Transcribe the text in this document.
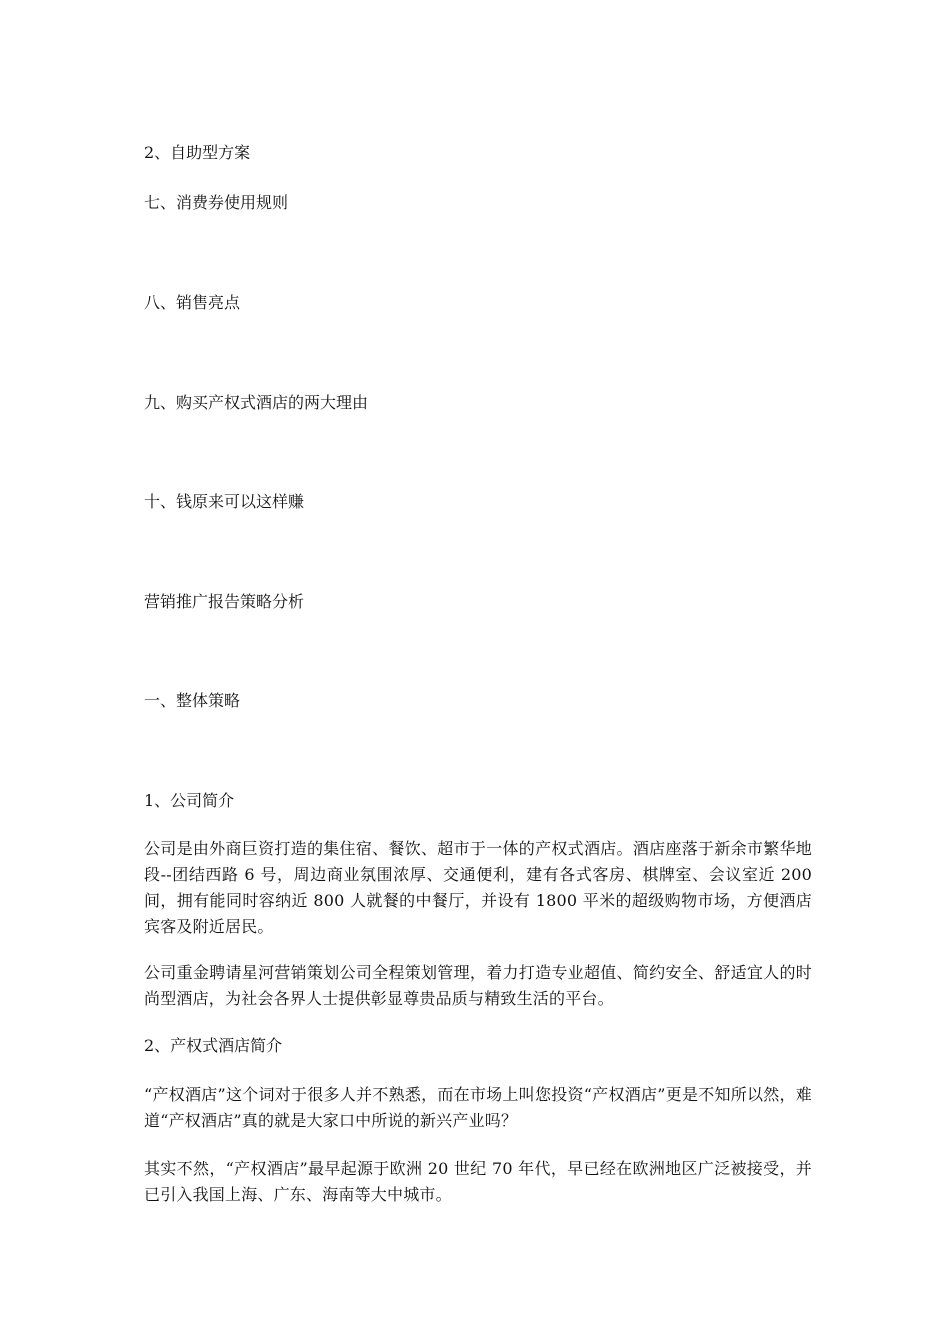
2、自助型方案

七、消费券使用规则

八、销售亮点

九、购买产权式酒店的两大理由

十、钱原来可以这样赚

营销推广报告策略分析

一、整体策略

1、公司简介

公司是由外商巨资打造的集住宿、餐饮、超市于一体的产权式酒店。酒店座落于新余市繁华地段--团结西路 6 号，周边商业氛围浓厚、交通便利，建有各式客房、棋牌室、会议室近 200 间，拥有能同时容纳近 800 人就餐的中餐厅，并设有 1800 平米的超级购物市场，方便酒店宾客及附近居民。

公司重金聘请星河营销策划公司全程策划管理，着力打造专业超值、简约安全、舒适宜人的时尚型酒店，为社会各界人士提供彰显尊贵品质与精致生活的平台。

2、产权式酒店简介

“产权酒店”这个词对于很多人并不熟悉，而在市场上叫您投资“产权酒店”更是不知所以然，难道“产权酒店”真的就是大家口中所说的新兴产业吗？

其实不然，“产权酒店”最早起源于欧洲 20 世纪 70 年代，早已经在欧洲地区广泛被接受，并已引入我国上海、广东、海南等大中城市。
